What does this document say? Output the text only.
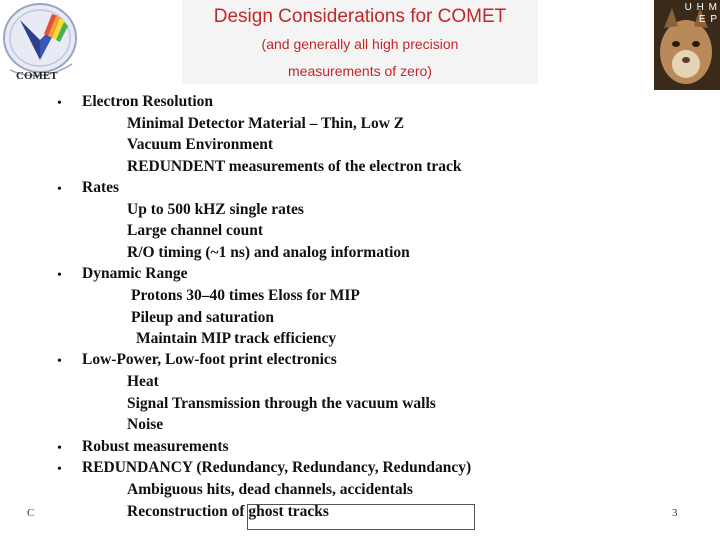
COMET
Design Considerations for COMET
(and generally all high precision
measurements of zero)
U H M E P
• Electron Resolution
Minimal Detector Material – Thin, Low Z
Vacuum Environment
REDUNDENT measurements of the electron track
• Rates
Up to 500 kHZ single rates
Large channel count
R/O timing (~1 ns) and analog information
• Dynamic Range
Protons 30–40 times Eloss for MIP
Pileup and saturation
Maintain MIP track efficiency
• Low-Power, Low-foot print electronics
Heat
Signal Transmission through the vacuum walls
Noise
• Robust measurements
• REDUNDANCY (Redundancy, Redundancy, Redundancy)
Ambiguous hits, dead channels, accidentals
Reconstruction of ghost tracks
C	3
